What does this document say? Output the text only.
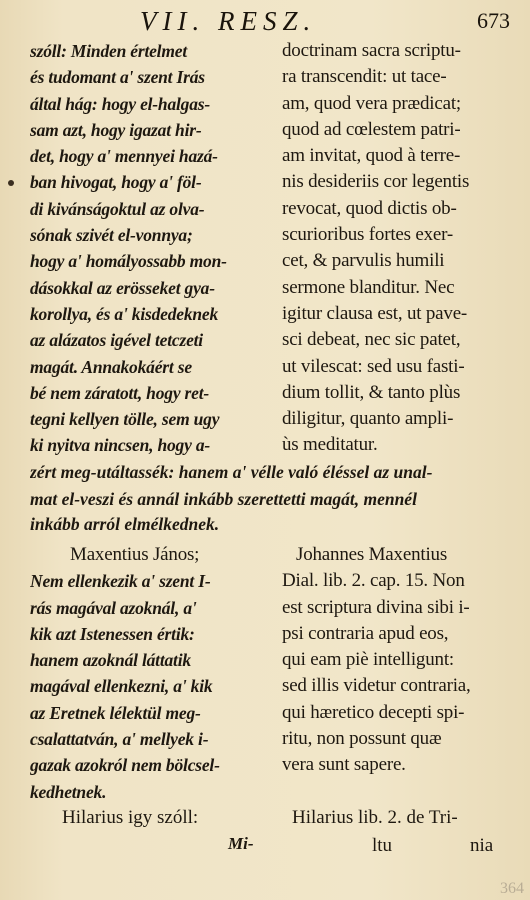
VII. RESZ.	673
szóll: Minden értelmet
és tudomant a' szent Irás
által hág: hogy el-halgas-
sam azt, hogy igazat hir-
det, hogy a' mennyei hazá-
ban hivogat, hogy a' föl-
di kivánságoktul az olva-
sónak szivét el-vonnya;
hogy a' homályossabb mon-
dásokkal az erösseket gya-
korollya, és a' kisdedeknek
az alázatos igével tetczeti
magát. Annakokáért se
bé nem záratott, hogy ret-
tegni kellyen tölle, sem ugy
ki nyitva nincsen, hogy a-
doctrinam sacra scriptu-
ra transcendit: ut tace-
am, quod vera prædicat;
quod ad cœlestem patri-
am invitat, quod à terre-
nis desideriis cor legentis
revocat, quod dictis ob-
scurioribus fortes exer-
cet, & parvulis humili
sermone blanditur. Nec
igitur clausa est, ut pave-
sci debeat, nec sic patet,
ut vilescat: sed usu fasti-
dium tollit, & tanto plùs
diligitur, quanto ampli-
ùs meditatur.
zért meg-utáltassék: hanem a' vélle való éléssel az unal-
mat el-veszi és annál inkább szerettetti magát, mennél
inkább arról elmélkednek.
Maxentius János;
Nem ellenkezik a' szent I-
rás magával azoknál, a'
kik azt Istenessen értik:
hanem azoknál láttatik
magával ellenkezni, a' kik
az Eretnek lélektül meg-
csalattatván, a' mellyek i-
gazak azokról nem bölcsel-
kedhetnek.
Johannes Maxentius
Dial. lib. 2. cap. 15. Non
est scriptura divina sibi i-
psi contraria apud eos,
qui eam piè intelligunt:
sed illis videtur contraria,
qui hæretico decepti spi-
ritu, non possunt quæ
vera sunt sapere.
Hilarius igy szóll:	Hilarius lib. 2. de Tri-
Mi-	ltu	nia
364
